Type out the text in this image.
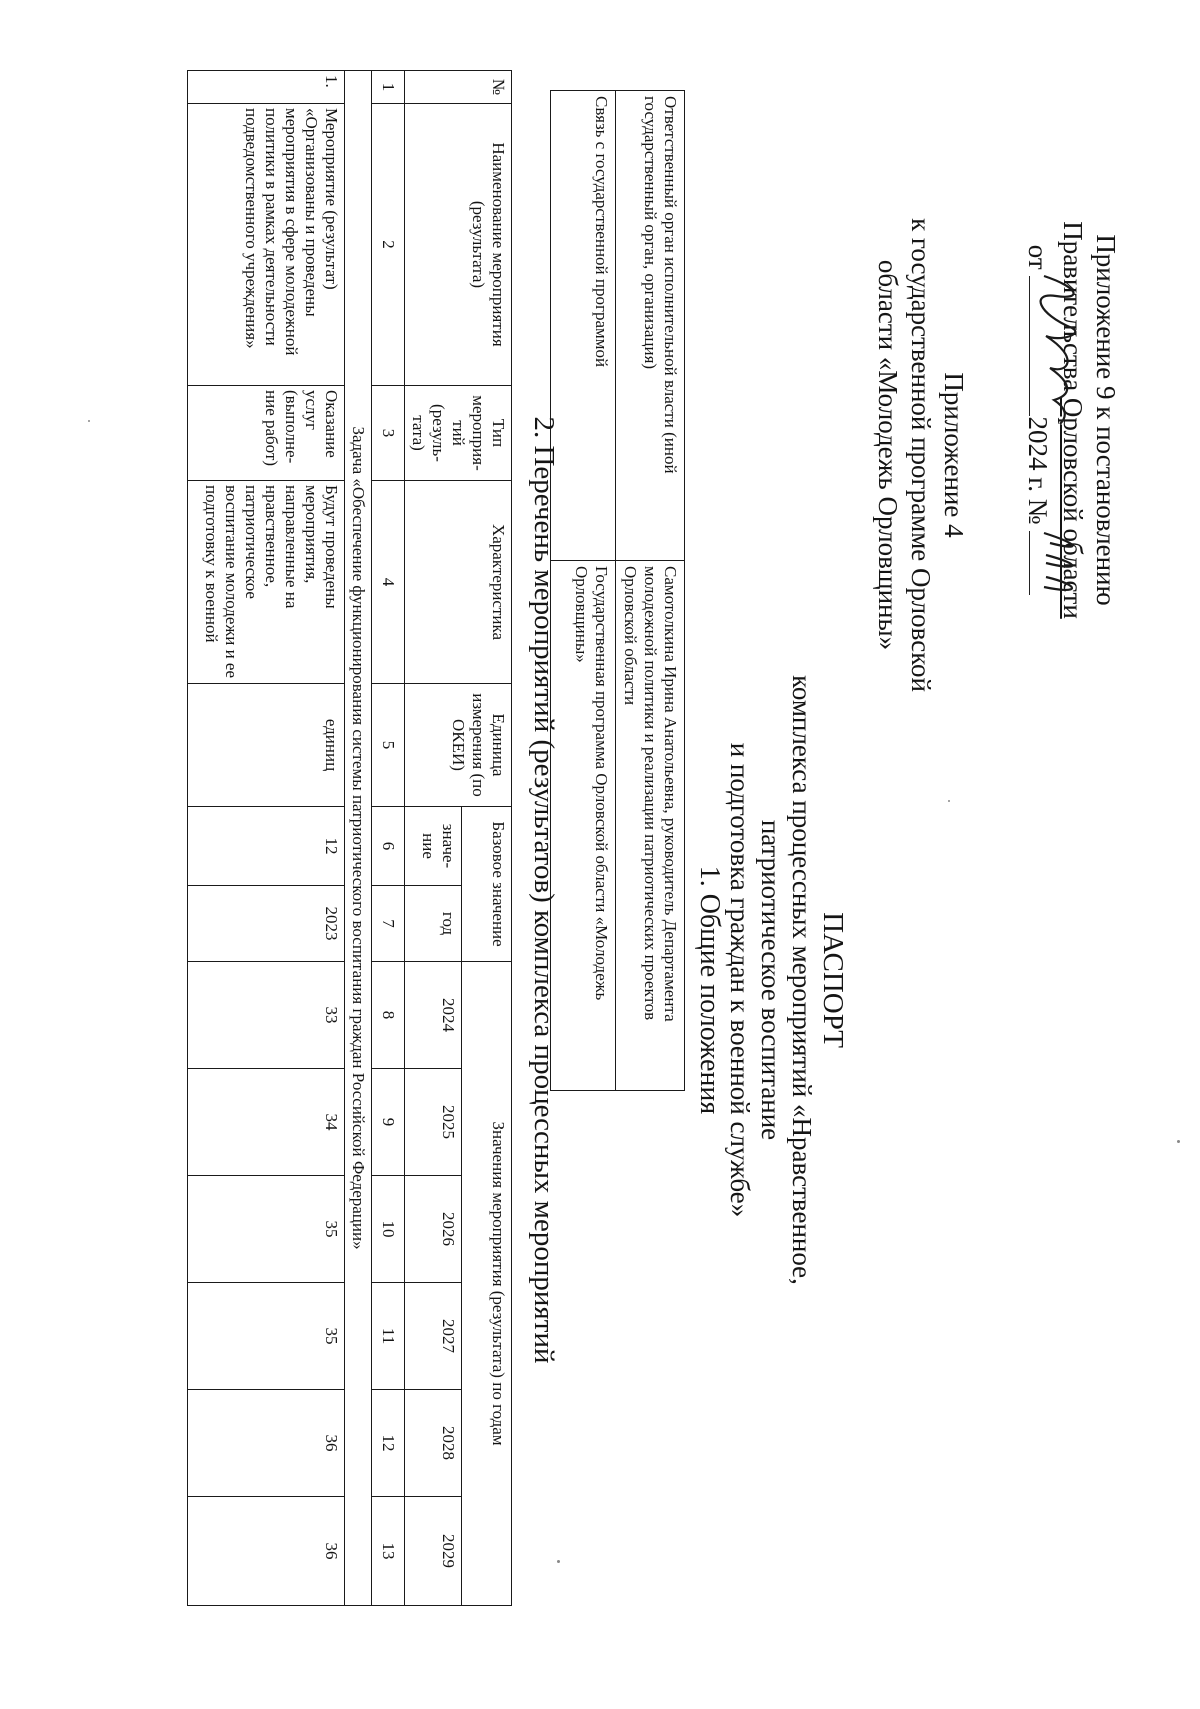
Приложение 9 к постановлению
Правительства Орловской области
от
2024 г. №
Приложение 4
к государственной программе Орловской
области «Молодежь Орловщины»
ПАСПОРТ
комплекса процессных мероприятий «Нравственное, патриотическое воспитание
и подготовка граждан к военной службе»
1. Общие положения
Ответственный орган исполнительной власти (иной государственный орган, организация)	Самотолкина Ирина Анатольевна, руководитель Департамента молодежной политики и реализации патриотических проектов Орловской области
Связь с государственной программой	Государственная программа Орловской области «Молодежь Орловщины»
2. Перечень мероприятий (результатов) комплекса процессных мероприятий
№	Наименование мероприятия (результата)	Тип мероприя-тий (резуль-тата)	Характеристика	Единица измерения (по ОКЕИ)	Базовое значение		Значения мероприятия (результата) по годам					
					значе-ние	год	2024	2025	2026	2027	2028	2029
1	2	3	4	5	6	7	8	9	10	11	12	13
Задача «Обеспечение функционирования системы патриотического воспитания граждан Российской Федерации»												
1.	Мероприятие (результат) «Организованы и проведены мероприятия в сфере молодежной политики в рамках деятельности подведомственного учреждения»	Оказание услуг (выполне-ние работ)	Будут проведены мероприятия, направленные на нравственное, патриотическое воспитание молодежи и ее подготовку к военной	единиц	12	2023	33	34	35	35	36	36
